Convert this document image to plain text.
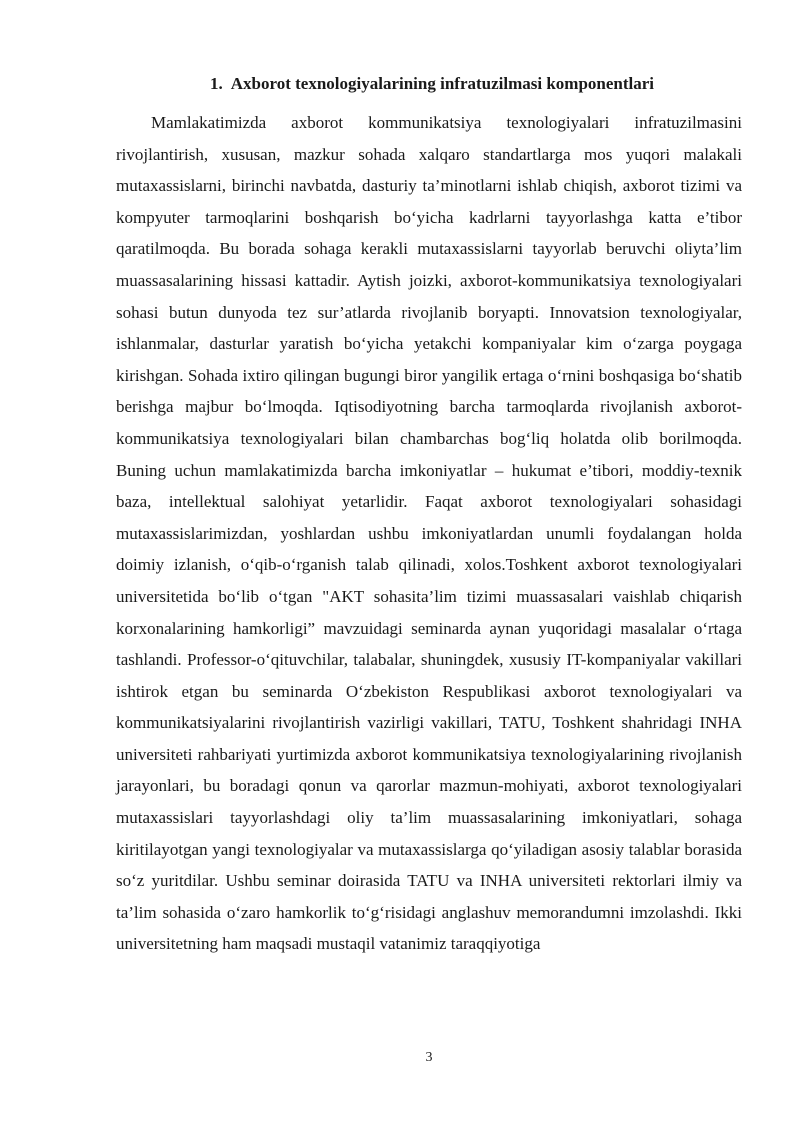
1. Axborot texnologiyalarining infratuzilmasi komponentlari

Mamlakatimizda axborot kommunikatsiya texnologiyalari infratuzilmasini rivojlantirish, xususan, mazkur sohada xalqaro standartlarga mos yuqori malakali mutaxassislarni, birinchi navbatda, dasturiy ta’minotlarni ishlab chiqish, axborot tizimi va kompyuter tarmoqlarini boshqarish bo‘yicha kadrlarni tayyorlashga katta e’tibor qaratilmoqda. Bu borada sohaga kerakli mutaxassislarni tayyorlab beruvchi oliyta’lim muassasalarining hissasi kattadir. Aytish joizki, axborot-kommunikatsiya texnologiyalari sohasi butun dunyoda tez sur’atlarda rivojlanib boryapti. Innovatsion texnologiyalar, ishlanmalar, dasturlar yaratish bo‘yicha yetakchi kompaniyalar kim o‘zarga poygaga kirishgan. Sohada ixtiro qilingan bugungi biror yangilik ertaga o‘rnini boshqasiga bo‘shatib berishga majbur bo‘lmoqda. Iqtisodiyotning barcha tarmoqlarda rivojlanish axborot-kommunikatsiya texnologiyalari bilan chambarchas bog‘liq holatda olib borilmoqda. Buning uchun mamlakatimizda barcha imkoniyatlar – hukumat e’tibori, moddiy-texnik baza, intellektual salohiyat yetarlidir. Faqat axborot texnologiyalari sohasidagi mutaxassislarimizdan, yoshlardan ushbu imkoniyatlardan unumli foydalangan holda doimiy izlanish, o‘qib-o‘rganish talab qilinadi, xolos.Toshkent axborot texnologiyalari universitetida bo‘lib o‘tgan "AKT sohasita’lim tizimi muassasalari vaishlab chiqarish korxonalarining hamkorligi” mavzuidagi seminarda aynan yuqoridagi masalalar o‘rtaga tashlandi. Professor-o‘qituvchilar, talabalar, shuningdek, xususiy IT-kompaniyalar vakillari ishtirok etgan bu seminarda O‘zbekiston Respublikasi axborot texnologiyalari va kommunikatsiyalarini rivojlantirish vazirligi vakillari, TATU, Toshkent shahridagi INHA universiteti rahbariyati yurtimizda axborot kommunikatsiya texnologiyalarining rivojlanish jarayonlari, bu boradagi qonun va qarorlar mazmun-mohiyati, axborot texnologiyalari mutaxassislari tayyorlashdagi oliy ta’lim muassasalarining imkoniyatlari, sohaga kiritilayotgan yangi texnologiyalar va mutaxassislarga qo‘yiladigan asosiy talablar borasida so‘z yuritdilar. Ushbu seminar doirasida TATU va INHA universiteti rektorlari ilmiy va ta’lim sohasida o‘zaro hamkorlik to‘g‘risidagi anglashuv memorandumni imzolashdi. Ikki universitetning ham maqsadi mustaqil vatanimiz taraqqiyotiga

3
